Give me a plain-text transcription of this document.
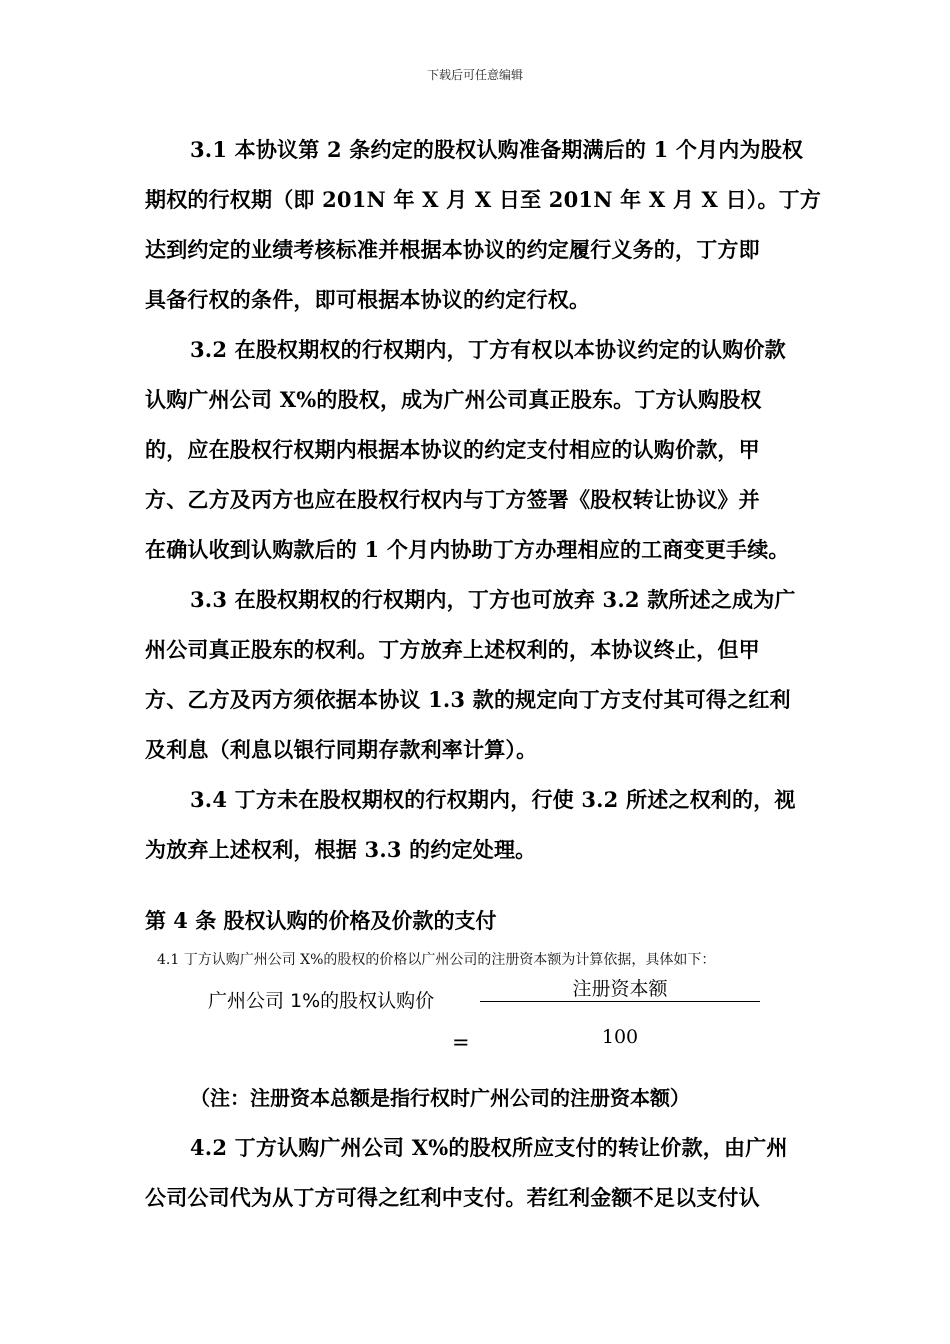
下载后可任意编辑
3.1 本协议第 2 条约定的股权认购准备期满后的 1 个月内为股权
期权的行权期（即 201N 年 X 月 X 日至 201N 年 X 月 X 日）。丁方
达到约定的业绩考核标准并根据本协议的约定履行义务的，丁方即
具备行权的条件，即可根据本协议的约定行权。
3.2 在股权期权的行权期内，丁方有权以本协议约定的认购价款
认购广州公司 X%的股权，成为广州公司真正股东。丁方认购股权
的，应在股权行权期内根据本协议的约定支付相应的认购价款，甲
方、乙方及丙方也应在股权行权内与丁方签署《股权转让协议》并
在确认收到认购款后的 1 个月内协助丁方办理相应的工商变更手续。
3.3 在股权期权的行权期内，丁方也可放弃 3.2 款所述之成为广
州公司真正股东的权利。丁方放弃上述权利的，本协议终止，但甲
方、乙方及丙方须依据本协议 1.3 款的规定向丁方支付其可得之红利
及利息（利息以银行同期存款利率计算）。
3.4 丁方未在股权期权的行权期内，行使 3.2 所述之权利的，视
为放弃上述权利，根据 3.3 的约定处理。
第 4 条 股权认购的价格及价款的支付
4.1 丁方认购广州公司 X%的股权的价格以广州公司的注册资本额为计算依据，具体如下：
广州公司 1%的股权认购价
注册资本额
=	100
（注：注册资本总额是指行权时广州公司的注册资本额）
4.2 丁方认购广州公司 X%的股权所应支付的转让价款，由广州
公司公司代为从丁方可得之红利中支付。若红利金额不足以支付认
